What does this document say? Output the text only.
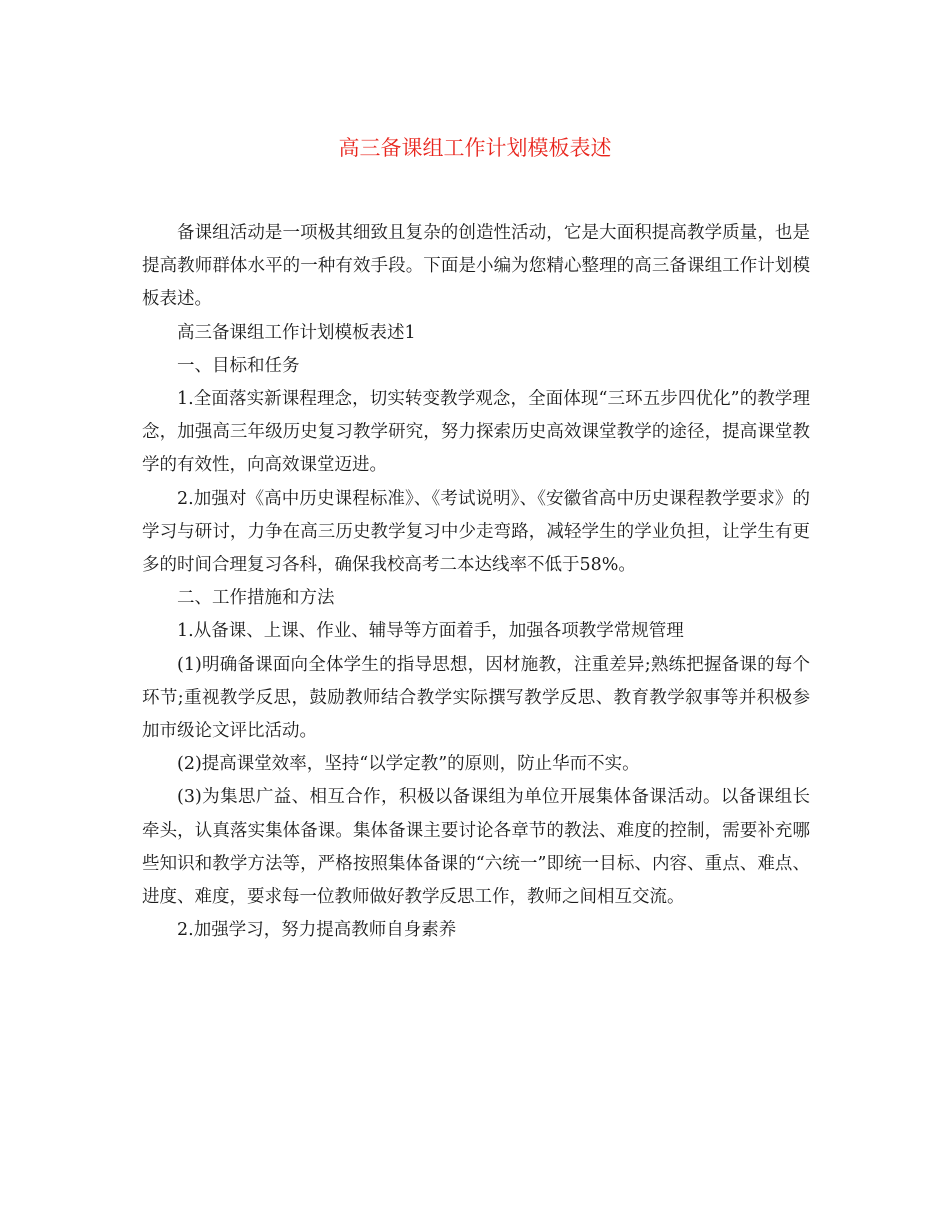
高三备课组工作计划模板表述

备课组活动是一项极其细致且复杂的创造性活动，它是大面积提高教学质量，也是提高教师群体水平的一种有效手段。下面是小编为您精心整理的高三备课组工作计划模板表述。

高三备课组工作计划模板表述1

一、目标和任务

1.全面落实新课程理念，切实转变教学观念，全面体现“三环五步四优化”的教学理念，加强高三年级历史复习教学研究，努力探索历史高效课堂教学的途径，提高课堂教学的有效性，向高效课堂迈进。

2.加强对《高中历史课程标准》、《考试说明》、《安徽省高中历史课程教学要求》的学习与研讨，力争在高三历史教学复习中少走弯路，减轻学生的学业负担，让学生有更多的时间合理复习各科，确保我校高考二本达线率不低于58%。

二、工作措施和方法

1.从备课、上课、作业、辅导等方面着手，加强各项教学常规管理

(1)明确备课面向全体学生的指导思想，因材施教，注重差异;熟练把握备课的每个环节;重视教学反思，鼓励教师结合教学实际撰写教学反思、教育教学叙事等并积极参加市级论文评比活动。

(2)提高课堂效率，坚持“以学定教”的原则，防止华而不实。

(3)为集思广益、相互合作，积极以备课组为单位开展集体备课活动。以备课组长牵头，认真落实集体备课。集体备课主要讨论各章节的教法、难度的控制，需要补充哪些知识和教学方法等，严格按照集体备课的“六统一”即统一目标、内容、重点、难点、进度、难度，要求每一位教师做好教学反思工作，教师之间相互交流。

2.加强学习，努力提高教师自身素养
